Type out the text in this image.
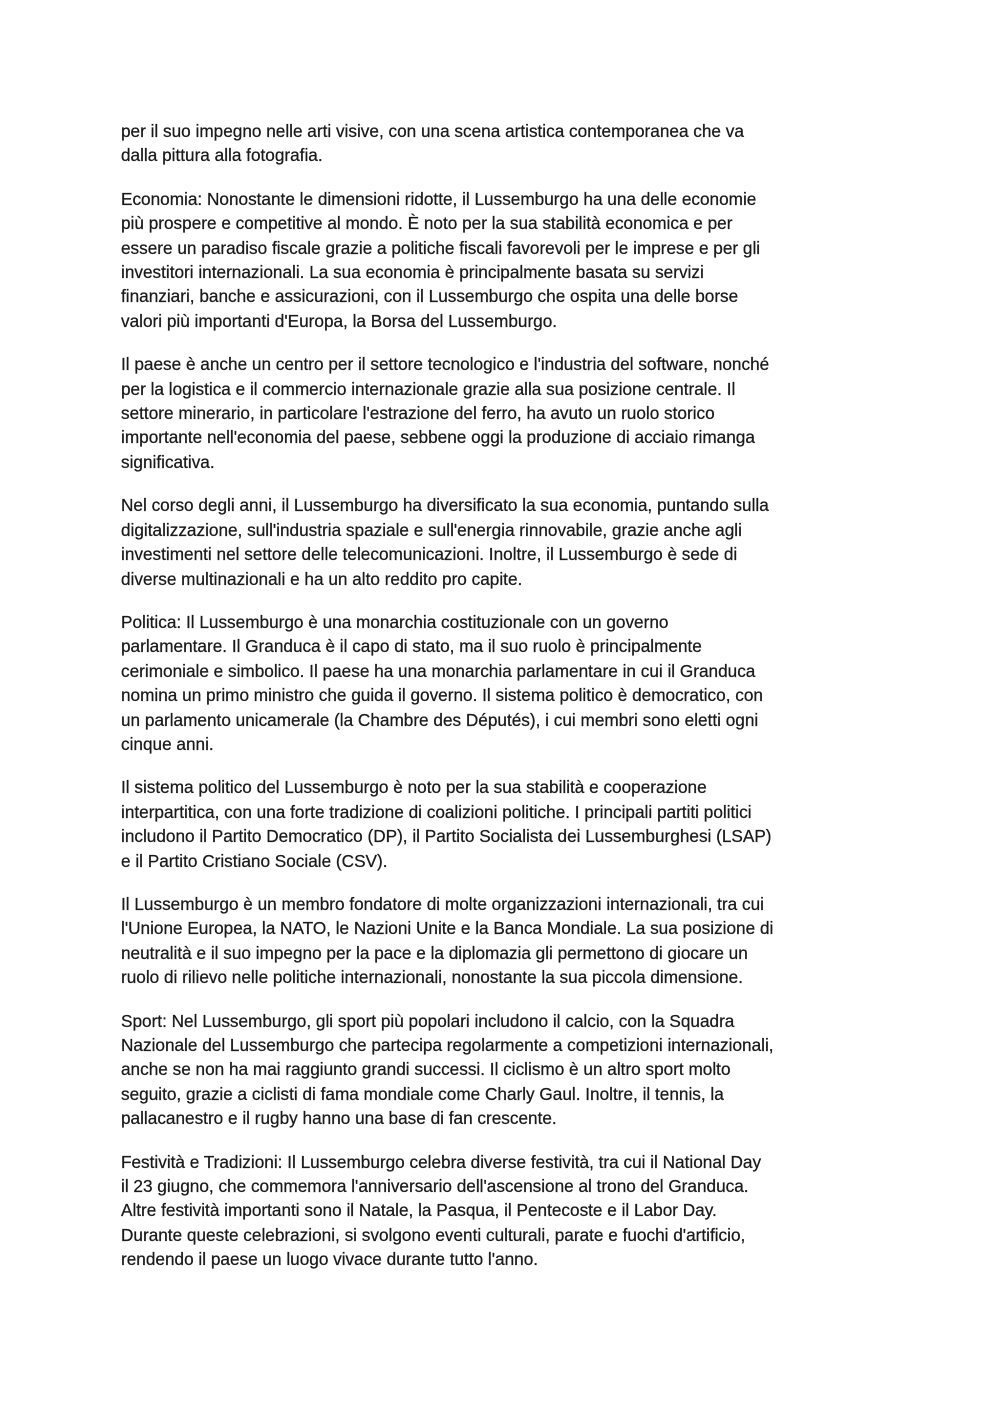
per il suo impegno nelle arti visive, con una scena artistica contemporanea che va
dalla pittura alla fotografia.

Economia: Nonostante le dimensioni ridotte, il Lussemburgo ha una delle economie
più prospere e competitive al mondo. È noto per la sua stabilità economica e per
essere un paradiso fiscale grazie a politiche fiscali favorevoli per le imprese e per gli
investitori internazionali. La sua economia è principalmente basata su servizi
finanziari, banche e assicurazioni, con il Lussemburgo che ospita una delle borse
valori più importanti d'Europa, la Borsa del Lussemburgo.

Il paese è anche un centro per il settore tecnologico e l'industria del software, nonché
per la logistica e il commercio internazionale grazie alla sua posizione centrale. Il
settore minerario, in particolare l'estrazione del ferro, ha avuto un ruolo storico
importante nell'economia del paese, sebbene oggi la produzione di acciaio rimanga
significativa.

Nel corso degli anni, il Lussemburgo ha diversificato la sua economia, puntando sulla
digitalizzazione, sull'industria spaziale e sull'energia rinnovabile, grazie anche agli
investimenti nel settore delle telecomunicazioni. Inoltre, il Lussemburgo è sede di
diverse multinazionali e ha un alto reddito pro capite.

Politica: Il Lussemburgo è una monarchia costituzionale con un governo
parlamentare. Il Granduca è il capo di stato, ma il suo ruolo è principalmente
cerimoniale e simbolico. Il paese ha una monarchia parlamentare in cui il Granduca
nomina un primo ministro che guida il governo. Il sistema politico è democratico, con
un parlamento unicamerale (la Chambre des Députés), i cui membri sono eletti ogni
cinque anni.

Il sistema politico del Lussemburgo è noto per la sua stabilità e cooperazione
interpartitica, con una forte tradizione di coalizioni politiche. I principali partiti politici
includono il Partito Democratico (DP), il Partito Socialista dei Lussemburghesi (LSAP)
e il Partito Cristiano Sociale (CSV).

Il Lussemburgo è un membro fondatore di molte organizzazioni internazionali, tra cui
l'Unione Europea, la NATO, le Nazioni Unite e la Banca Mondiale. La sua posizione di
neutralità e il suo impegno per la pace e la diplomazia gli permettono di giocare un
ruolo di rilievo nelle politiche internazionali, nonostante la sua piccola dimensione.

Sport: Nel Lussemburgo, gli sport più popolari includono il calcio, con la Squadra
Nazionale del Lussemburgo che partecipa regolarmente a competizioni internazionali,
anche se non ha mai raggiunto grandi successi. Il ciclismo è un altro sport molto
seguito, grazie a ciclisti di fama mondiale come Charly Gaul. Inoltre, il tennis, la
pallacanestro e il rugby hanno una base di fan crescente.

Festività e Tradizioni: Il Lussemburgo celebra diverse festività, tra cui il National Day
il 23 giugno, che commemora l'anniversario dell'ascensione al trono del Granduca.
Altre festività importanti sono il Natale, la Pasqua, il Pentecoste e il Labor Day.
Durante queste celebrazioni, si svolgono eventi culturali, parate e fuochi d'artificio,
rendendo il paese un luogo vivace durante tutto l'anno.
